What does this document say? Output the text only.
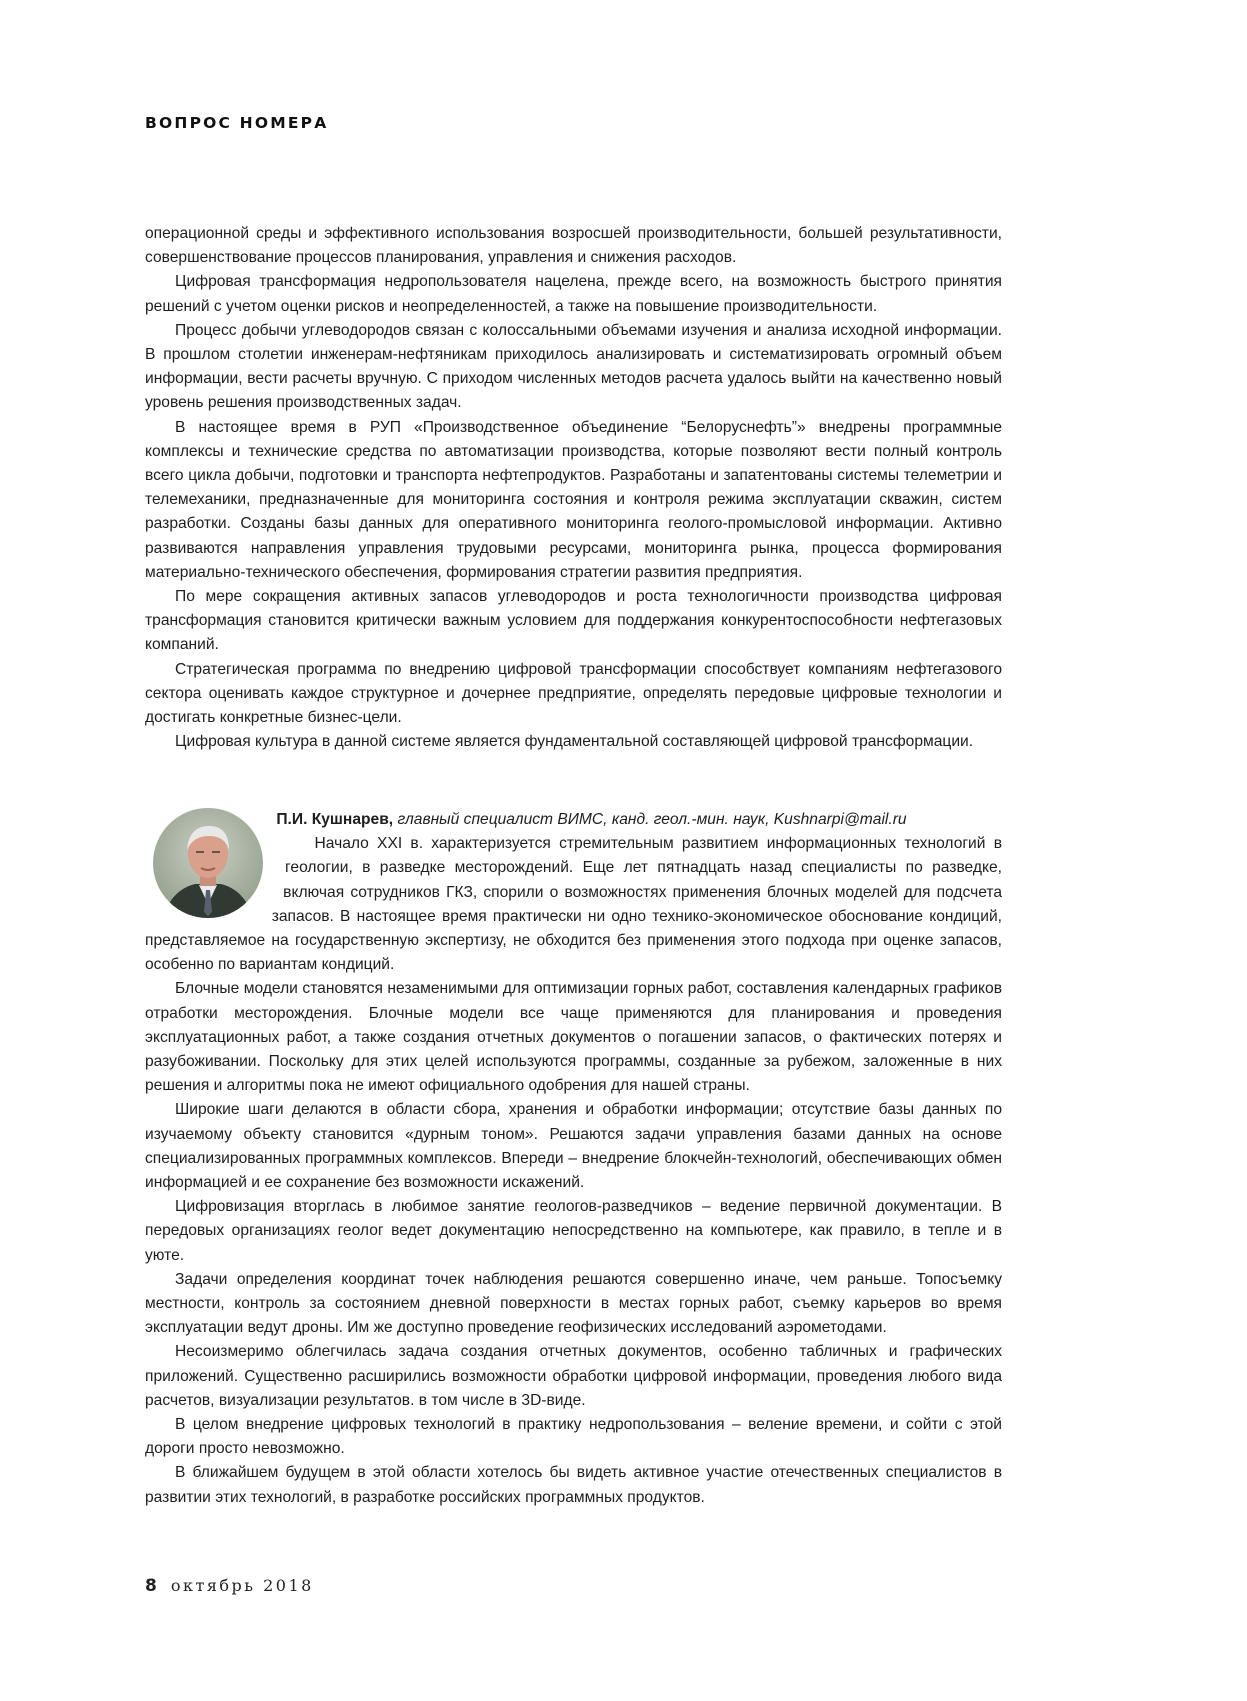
ВОПРОС НОМЕРА

операционной среды и эффективного использования возросшей производительности, большей результативности, совершенствование процессов планирования, управления и снижения расходов.

Цифровая трансформация недропользователя нацелена, прежде всего, на возможность быстрого принятия решений с учетом оценки рисков и неопределенностей, а также на повышение производительности.

Процесс добычи углеводородов связан с колоссальными объемами изучения и анализа исходной информации. В прошлом столетии инженерам-нефтяникам приходилось анализировать и систематизировать огромный объем информации, вести расчеты вручную. С приходом численных методов расчета удалось выйти на качественно новый уровень решения производственных задач.

В настоящее время в РУП «Производственное объединение “Белоруснефть”» внедрены программные комплексы и технические средства по автоматизации производства, которые позволяют вести полный контроль всего цикла добычи, подготовки и транспорта нефтепродуктов. Разработаны и запатентованы системы телеметрии и телемеханики, предназначенные для мониторинга состояния и контроля режима эксплуатации скважин, систем разработки. Созданы базы данных для оперативного мониторинга геолого-промысловой информации. Активно развиваются направления управления трудовыми ресурсами, мониторинга рынка, процесса формирования материально-технического обеспечения, формирования стратегии развития предприятия.

По мере сокращения активных запасов углеводородов и роста технологичности производства цифровая трансформация становится критически важным условием для поддержания конкурентоспособности нефтегазовых компаний.

Стратегическая программа по внедрению цифровой трансформации способствует компаниям нефтегазового сектора оценивать каждое структурное и дочернее предприятие, определять передовые цифровые технологии и достигать конкретные бизнес-цели.

Цифровая культура в данной системе является фундаментальной составляющей цифровой трансформации.

П.И. Кушнарев, главный специалист ВИМС, канд. геол.-мин. наук, Kushnarpi@mail.ru

Начало XXI в. характеризуется стремительным развитием информационных технологий в геологии, в разведке месторождений. Еще лет пятнадцать назад специалисты по разведке, включая сотрудников ГКЗ, спорили о возможностях применения блочных моделей для подсчета запасов. В настоящее время практически ни одно технико-экономическое обоснование кондиций, представляемое на государственную экспертизу, не обходится без применения этого подхода при оценке запасов, особенно по вариантам кондиций.

Блочные модели становятся незаменимыми для оптимизации горных работ, составления календарных графиков отработки месторождения. Блочные модели все чаще применяются для планирования и проведения эксплуатационных работ, а также создания отчетных документов о погашении запасов, о фактических потерях и разубоживании. Поскольку для этих целей используются программы, созданные за рубежом, заложенные в них решения и алгоритмы пока не имеют официального одобрения для нашей страны.

Широкие шаги делаются в области сбора, хранения и обработки информации; отсутствие базы данных по изучаемому объекту становится «дурным тоном». Решаются задачи управления базами данных на основе специализированных программных комплексов. Впереди – внедрение блокчейн-технологий, обеспечивающих обмен информацией и ее сохранение без возможности искажений.

Цифровизация вторглась в любимое занятие геологов-разведчиков – ведение первичной документации. В передовых организациях геолог ведет документацию непосредственно на компьютере, как правило, в тепле и в уюте.

Задачи определения координат точек наблюдения решаются совершенно иначе, чем раньше. Топосъемку местности, контроль за состоянием дневной поверхности в местах горных работ, съемку карьеров во время эксплуатации ведут дроны. Им же доступно проведение геофизических исследований аэрометодами.

Несоизмеримо облегчилась задача создания отчетных документов, особенно табличных и графических приложений. Существенно расширились возможности обработки цифровой информации, проведения любого вида расчетов, визуализации результатов. в том числе в 3D-виде.

В целом внедрение цифровых технологий в практику недропользования – веление времени, и сойти с этой дороги просто невозможно.

В ближайшем будущем в этой области хотелось бы видеть активное участие отечественных специалистов в развитии этих технологий, в разработке российских программных продуктов.

8 октябрь 2018
